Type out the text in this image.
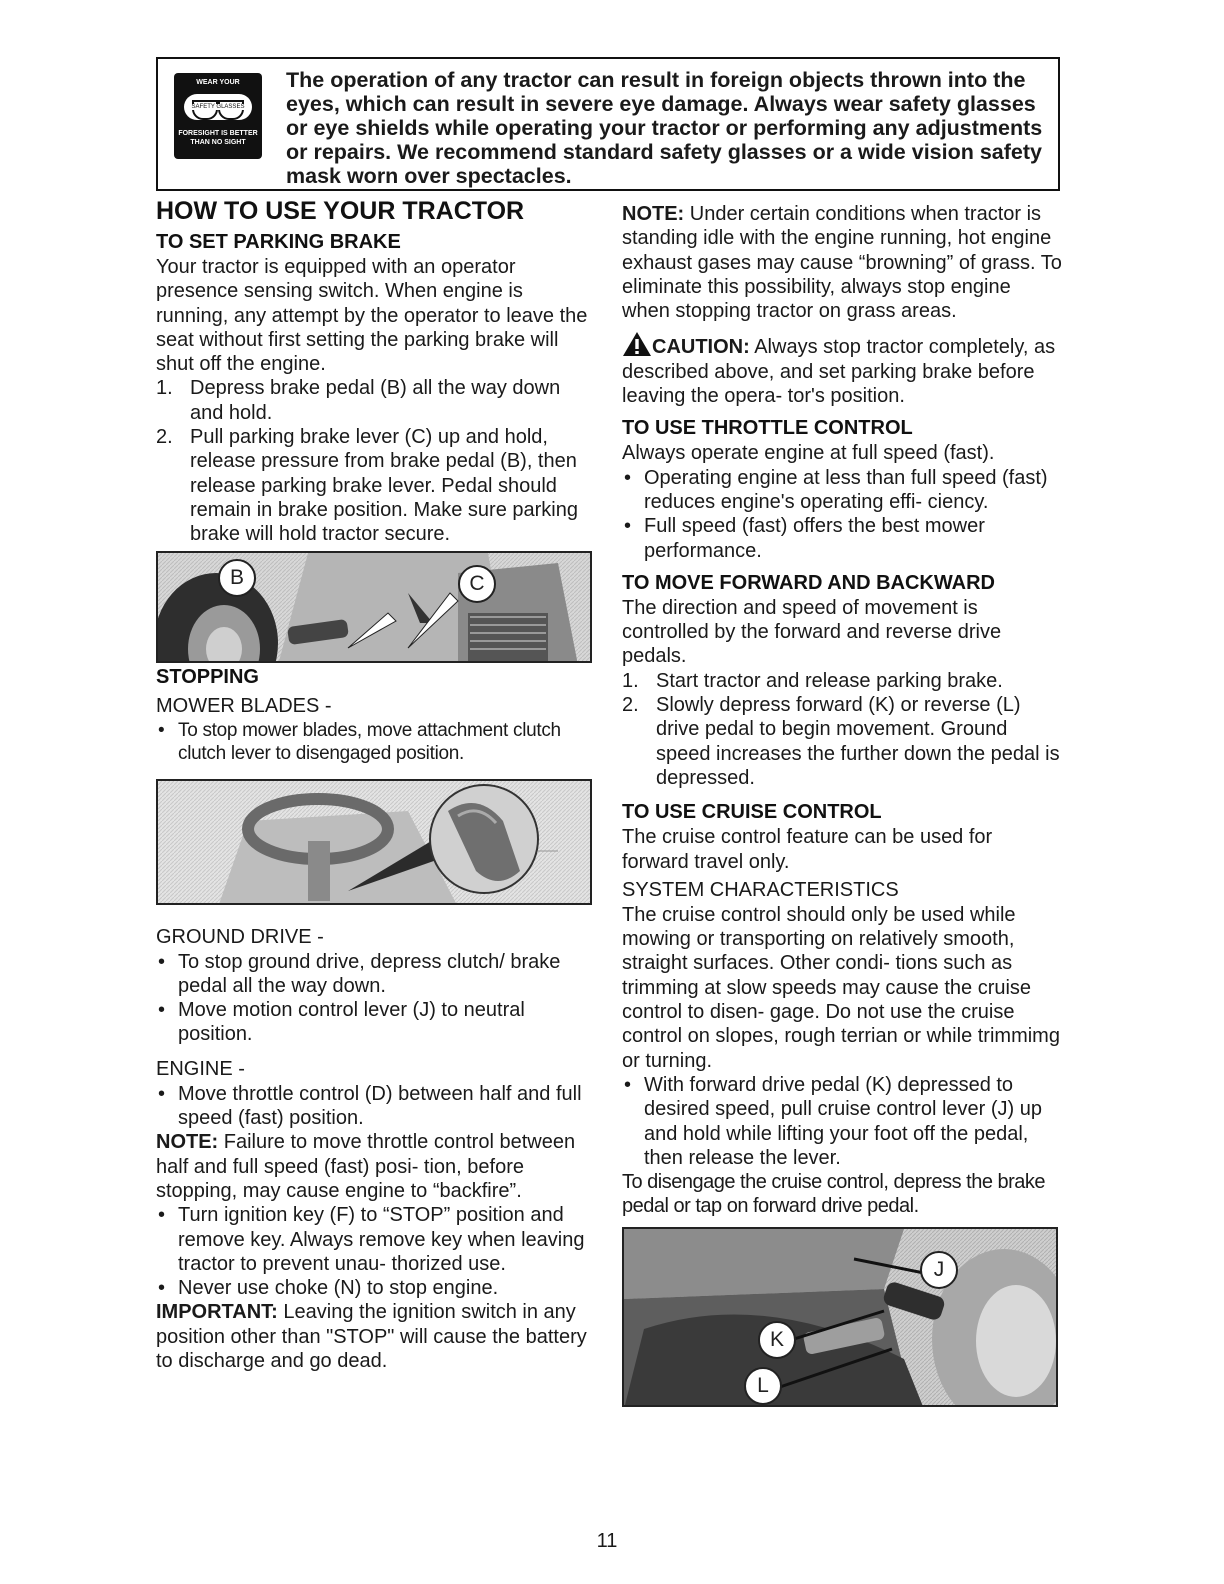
WEAR YOUR
SAFETY GLASSES
FORESIGHT IS BETTER THAN NO SIGHT
The operation of any tractor can result in foreign objects thrown into the eyes, which can result in severe eye damage. Always wear safety glasses or eye shields while operating your tractor or performing any adjustments or repairs. We recommend standard safety glasses or a wide vision safety mask worn over spectacles.
HOW TO USE YOUR TRACTOR
TO SET PARKING BRAKE

Your tractor is equipped with an operator presence sensing switch. When engine is running, any attempt by the operator to leave the seat without first setting the parking brake will shut off the engine.

1. Depress brake pedal (B) all the way down and hold.
2. Pull parking brake lever (C) up and hold, release pressure from brake pedal (B), then release parking brake lever. Pedal should remain in brake position. Make sure parking brake will hold tractor secure.
B	C
STOPPING
MOWER BLADES -
• To stop mower blades, move attachment clutch clutch lever to disengaged position.
GROUND DRIVE -
• To stop ground drive, depress clutch/ brake pedal all the way down.
• Move motion control lever (J) to neutral position.
ENGINE -
• Move throttle control (D) between half and full speed (fast) position.

NOTE: Failure to move throttle control between half and full speed (fast) posi- tion, before stopping, may cause engine to “backfire”.

• Turn ignition key (F) to “STOP” position and remove key. Always remove key when leaving tractor to prevent unau- thorized use.
• Never use choke (N) to stop engine.

IMPORTANT: Leaving the ignition switch in any position other than "STOP" will cause the battery to discharge and go dead.

NOTE: Under certain conditions when tractor is standing idle with the engine running, hot engine exhaust gases may cause “browning” of grass. To eliminate this possibility, always stop engine when stopping tractor on grass areas.

CAUTION: Always stop tractor completely, as described above, and set parking brake before leaving the opera- tor's position.

TO USE THROTTLE CONTROL

Always operate engine at full speed (fast).

• Operating engine at less than full speed (fast) reduces engine's operating effi- ciency.
• Full speed (fast) offers the best mower performance.
TO MOVE FORWARD AND BACKWARD

The direction and speed of movement is controlled by the forward and reverse drive pedals.

1. Start tractor and release parking brake.
2. Slowly depress forward (K) or reverse (L) drive pedal to begin movement. Ground speed increases the further down the pedal is depressed.
TO USE CRUISE CONTROL

The cruise control feature can be used for forward travel only.

SYSTEM CHARACTERISTICS

The cruise control should only be used while mowing or transporting on relatively smooth, straight surfaces. Other condi- tions such as trimming at slow speeds may cause the cruise control to disen- gage. Do not use the cruise control on slopes, rough terrian or while trimmimg or turning.

• With forward drive pedal (K) depressed to desired speed, pull cruise control lever (J) up and hold while lifting your foot off the pedal, then release the lever.

To disengage the cruise control, depress the brake pedal or tap on forward drive pedal.

J
K
L
11
